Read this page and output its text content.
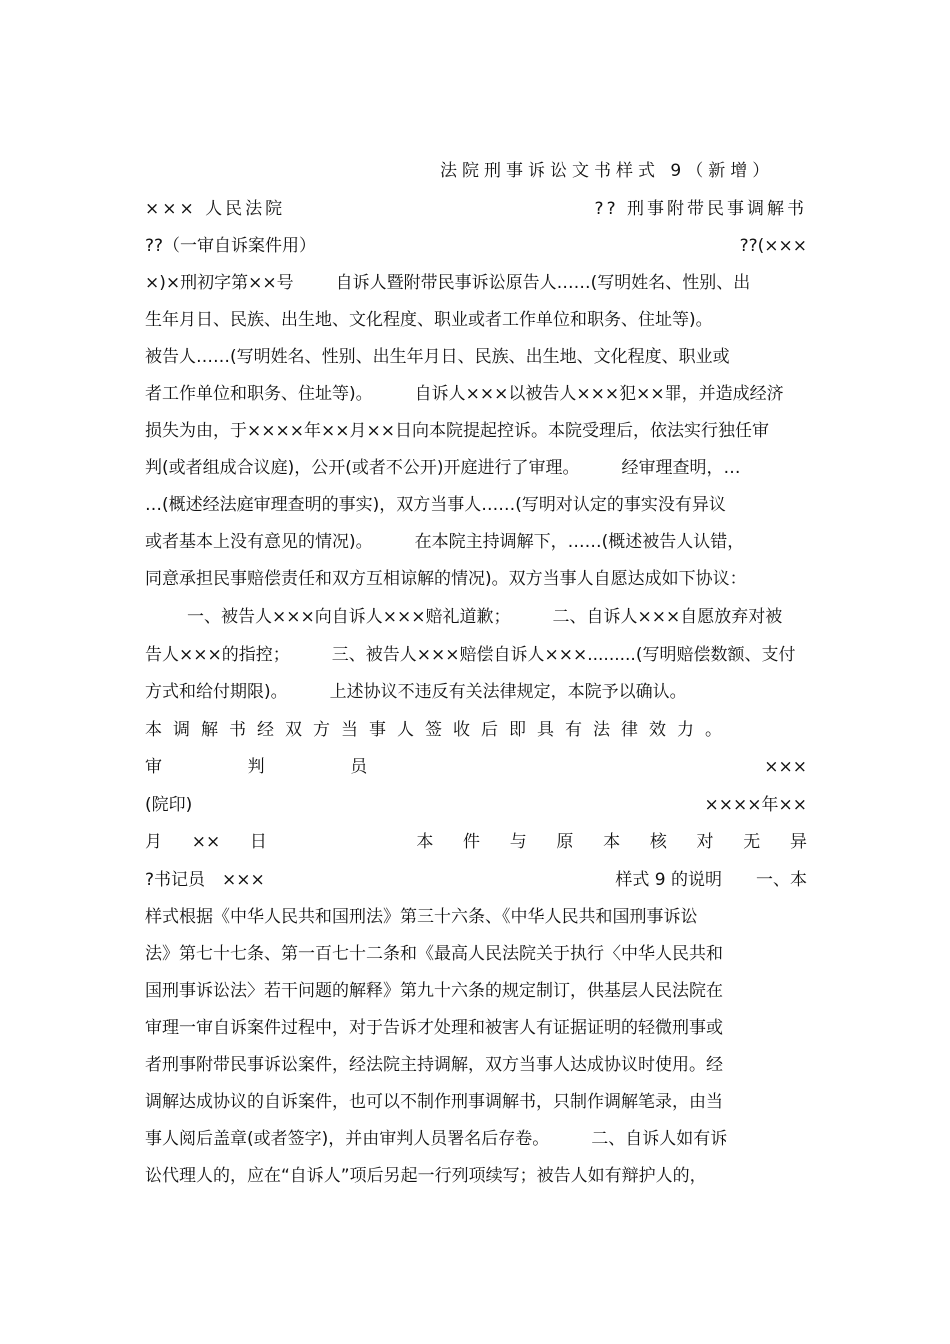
法院刑事诉讼文书样式 9（新增）
××× 人民法院	?? 刑事附带民事调解书
??（一审自诉案件用）	??(×××
×)×刑初字第××号 自诉人暨附带民事诉讼原告人……(写明姓名、性别、出
生年月日、民族、出生地、文化程度、职业或者工作单位和职务、住址等)。
被告人……(写明姓名、性别、出生年月日、民族、出生地、文化程度、职业或
者工作单位和职务、住址等)。 自诉人×××以被告人×××犯××罪，并造成经济
损失为由，于××××年××月××日向本院提起控诉。本院受理后，依法实行独任审
判(或者组成合议庭)，公开(或者不公开)开庭进行了审理。 经审理查明，…
…(概述经法庭审理查明的事实)，双方当事人……(写明对认定的事实没有异议
或者基本上没有意见的情况)。 在本院主持调解下，……(概述被告人认错，
同意承担民事赔偿责任和双方互相谅解的情况)。双方当事人自愿达成如下协议：
一、被告人×××向自诉人×××赔礼道歉； 二、自诉人×××自愿放弃对被
告人×××的指控； 三、被告人×××赔偿自诉人×××.........(写明赔偿数额、支付
方式和给付期限)。 上述协议不违反有关法律规定，本院予以确认。
本调解书经双方当事人签收后即具有法律效力。
审	判	员	×××
(院印)	××××年××
月 ×× 日	本 件 与 原 本 核 对 无 异
?书记员　×××	样式 9 的说明　　一、本
样式根据《中华人民共和国刑法》第三十六条、《中华人民共和国刑事诉讼
法》第七十七条、第一百七十二条和《最高人民法院关于执行〈中华人民共和
国刑事诉讼法〉若干问题的解释》第九十六条的规定制订，供基层人民法院在
审理一审自诉案件过程中，对于告诉才处理和被害人有证据证明的轻微刑事或
者刑事附带民事诉讼案件，经法院主持调解，双方当事人达成协议时使用。经
调解达成协议的自诉案件，也可以不制作刑事调解书，只制作调解笔录，由当
事人阅后盖章(或者签字)，并由审判人员署名后存卷。 二、自诉人如有诉
讼代理人的，应在“自诉人”项后另起一行列项续写；被告人如有辩护人的，
